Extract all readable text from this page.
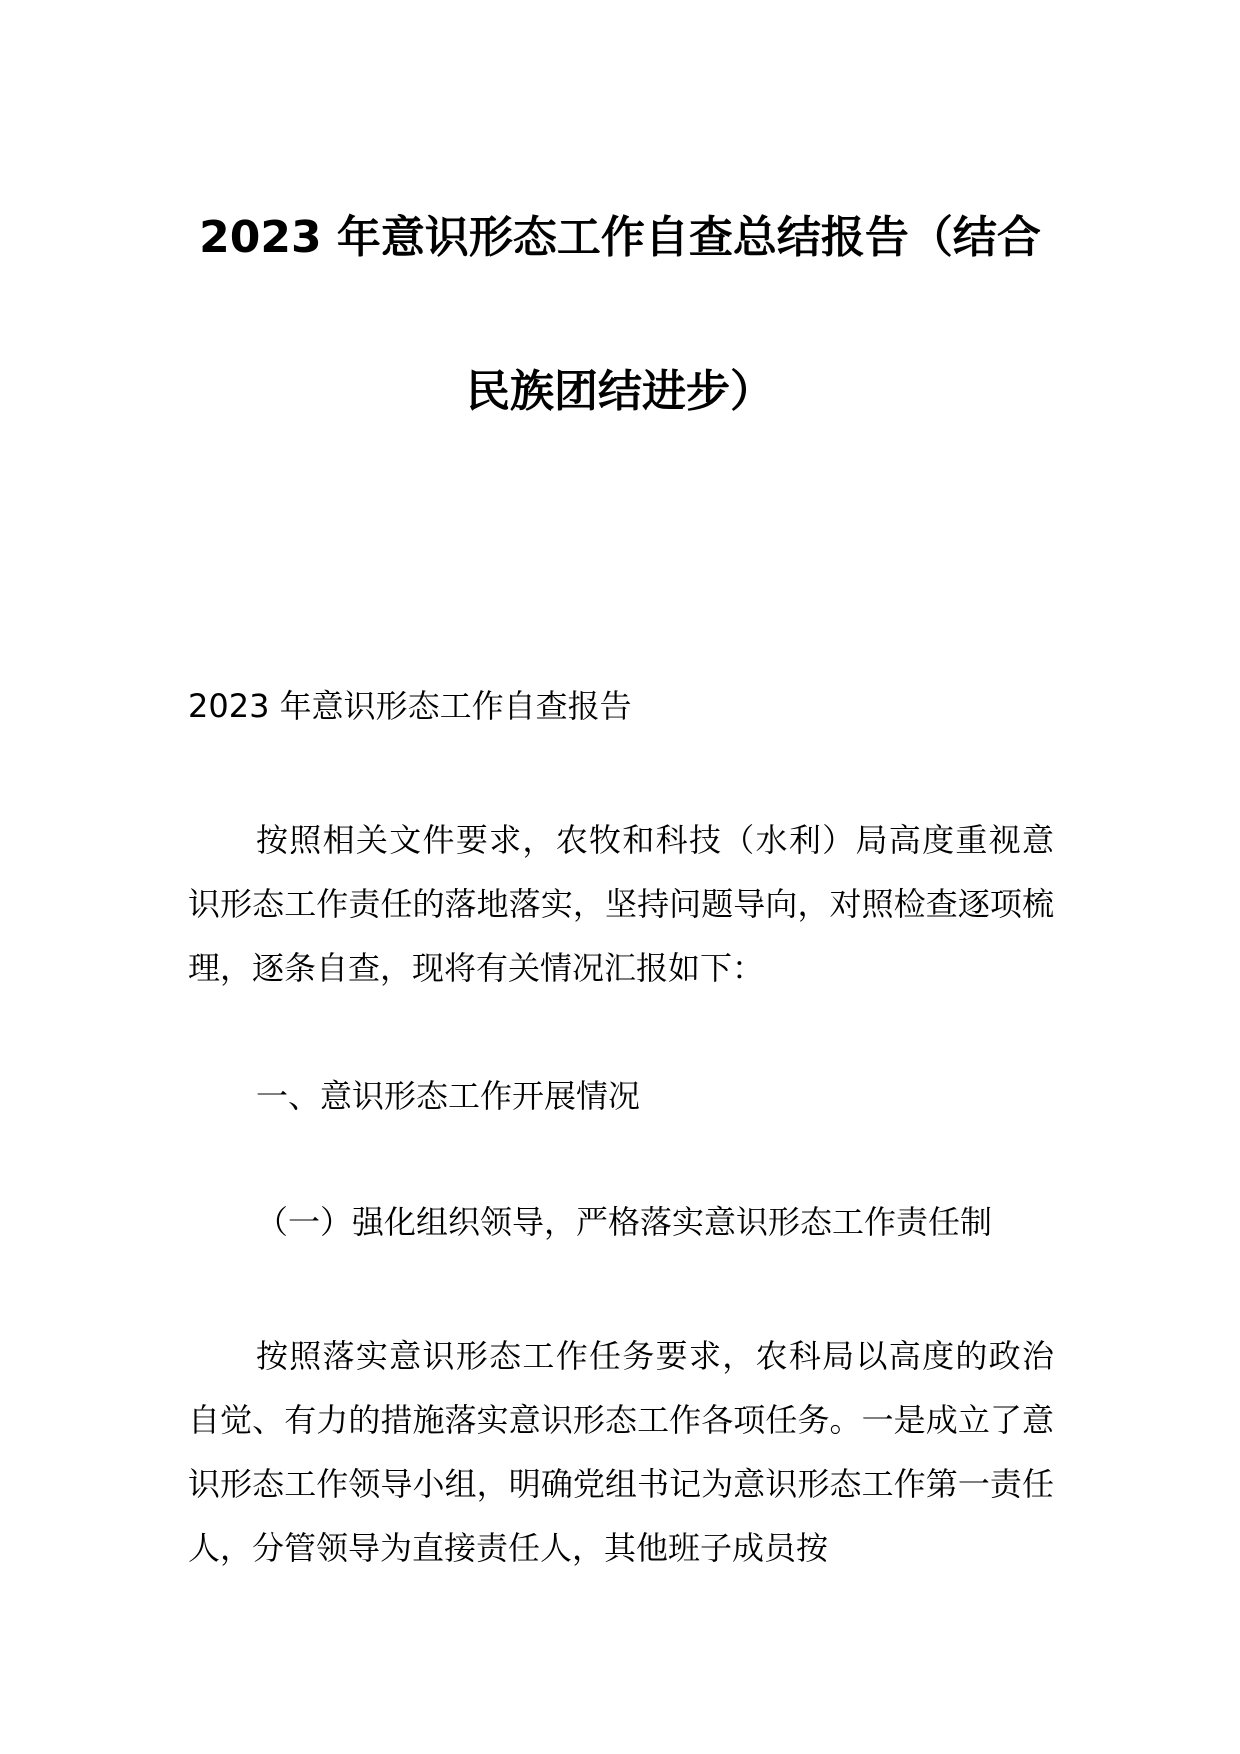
2023 年意识形态工作自查总结报告（结合
民族团结进步）
2023 年意识形态工作自查报告
按照相关文件要求，农牧和科技（水利）局高度重视意识形态工作责任的落地落实，坚持问题导向，对照检查逐项梳理，逐条自查，现将有关情况汇报如下：
一、意识形态工作开展情况
（一）强化组织领导，严格落实意识形态工作责任制
按照落实意识形态工作任务要求，农科局以高度的政治自觉、有力的措施落实意识形态工作各项任务。一是成立了意识形态工作领导小组，明确党组书记为意识形态工作第一责任人，分管领导为直接责任人，其他班子成员按
